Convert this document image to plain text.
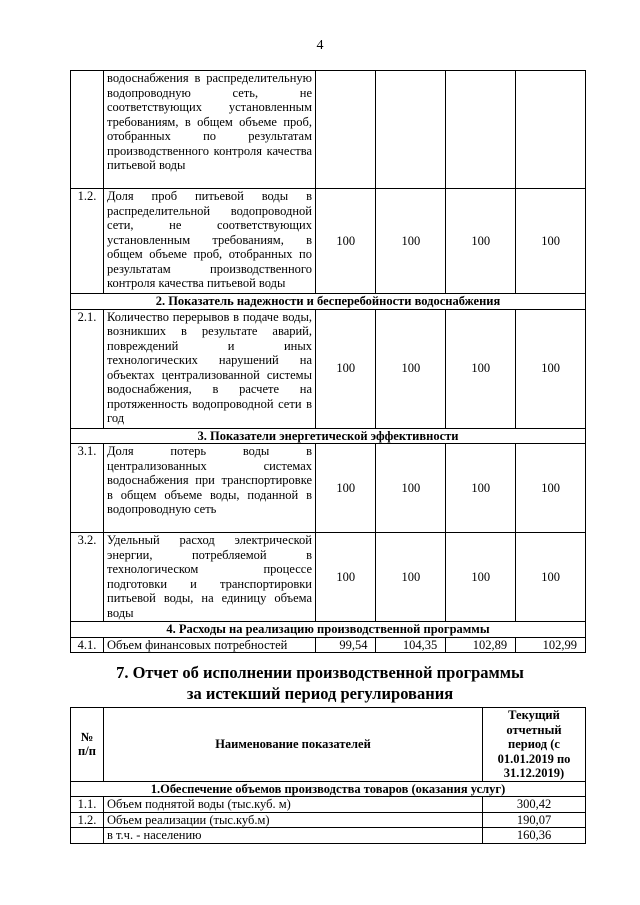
4
	водоснабжения в распределительную водопроводную сеть, не соответствующих установленным требованиям, в общем объеме проб, отобранных по результатам производственного контроля качества питьевой воды				
1.2.	Доля проб питьевой воды в распределительной водопроводной сети, не соответствующих установленным требованиям, в общем объеме проб, отобранных по результатам производственного контроля качества питьевой воды	100	100	100	100
2. Показатель надежности и бесперебойности водоснабжения					
2.1.	Количество перерывов в подаче воды, возникших в результате аварий, повреждений и иных технологических нарушений на объектах централизованной системы водоснабжения, в расчете на протяженность водопроводной сети в год	100	100	100	100
3. Показатели энергетической эффективности					
3.1.	Доля потерь воды в централизованных системах водоснабжения при транспортировке в общем объеме воды, поданной в водопроводную сеть	100	100	100	100
3.2.	Удельный расход электрической энергии, потребляемой в технологическом процессе подготовки и транспортировки питьевой воды, на единицу объема воды	100	100	100	100
4. Расходы на реализацию производственной программы					
4.1.	Объем финансовых потребностей	99,54	104,35	102,89	102,99
7. Отчет об исполнении производственной программы
за истекший период регулирования
№ п/п	Наименование показателей	Текущий отчетный период (с 01.01.2019 по 31.12.2019)
1.Обеспечение объемов производства товаров (оказания услуг)		
1.1.	Объем поднятой воды (тыс.куб. м)	300,42
1.2.	Объем реализации (тыс.куб.м)	190,07
	в т.ч. - населению	160,36
